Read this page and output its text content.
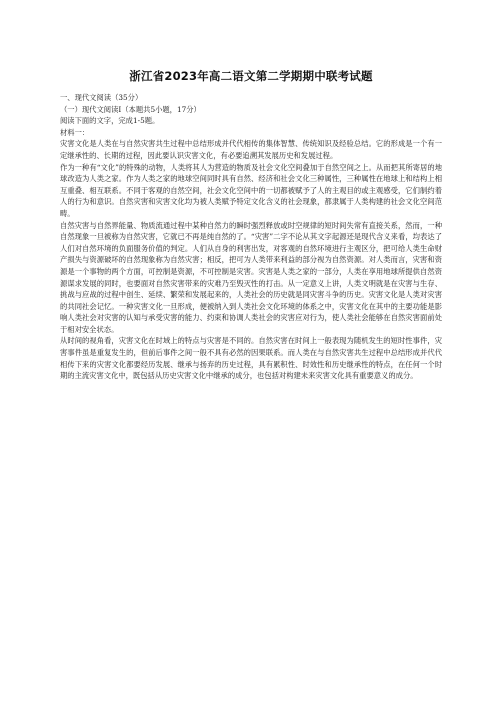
浙江省2023年高二语文第二学期期中联考试题

一、现代文阅读（35分）

（一）现代文阅读Ⅰ（本题共5小题，17分）

阅读下面的文字，完成1-5题。

材料一：

灾害文化是人类在与自然灾害共生过程中总结形成并代代相传的集体智慧、传统知识及经验总结。它的形成是一个有一定继承性的、长期的过程，因此要认识灾害文化，有必要追溯其发展历史和发展过程。

作为一种有“文化”的特殊的动物，人类将其人为营造的物质及社会文化空间叠加于自然空间之上。从而把其所寄居的地球改造为人类之家。作为人类之家的地球空间同时具有自然、经济和社会文化三种属性，三种属性在地球上和结构上相互重叠、相互联系。不同于客观的自然空间，社会文化空间中的一切都被赋予了人的主观目的或主观感受，它们制约着人的行为和意识。自然灾害和灾害文化均为被人类赋予特定文化含义的社会现象，都隶属于人类构建的社会文化空间范畴。

自然灾害与自然界能量、物质流通过程中某种自然力的瞬时强烈释放或时空规律的短时间失常有直接关系，然而，一种自然现象一旦被称为自然灾害，它就已不再是纯自然的了。“灾害”二字不论从其文字起源还是现代含义来看，均表达了人们对自然环境的负面服务价值的判定。人们从自身的利害出发，对客观的自然环境进行主观区分，把可给人类生命财产损失与资源破坏的自然现象称为自然灾害；相反，把可为人类带来利益的部分视为自然资源。对人类而言，灾害和资源是一个事物的两个方面，可控制是资源，不可控制是灾害。灾害是人类之家的一部分，人类在享用地球所提供自然资源谋求发展的同时，也要面对自然灾害带来的灾难乃至毁灭性的打击。从一定意义上讲，人类文明就是在灾害与生存、挑战与应战的过程中创生、延续、繁荣和发展起来的，人类社会的历史就是同灾害斗争的历史。灾害文化是人类对灾害的共同社会记忆。一种灾害文化一旦形成，便被纳入到人类社会文化环境的体系之中，灾害文化在其中的主要功能是影响人类社会对灾害的认知与承受灾害的能力、约束和协调人类社会的灾害应对行为，使人类社会能够在自然灾害面前处于相对安全状态。

从时间的视角看，灾害文化在时域上的特点与灾害是不同的。自然灾害在时间上一般表现为随机发生的短时性事件，灾害事件虽是重复发生的，但前后事件之间一般不具有必然的因果联系。而人类在与自然灾害共生过程中总结形成并代代相传下来的灾害文化都要经历发展、继承与扬弃的历史过程，具有累积性、时效性和历史继承性的特点，在任何一个时期的主流灾害文化中，既包括从历史灾害文化中继承的成分，也包括对构建未来灾害文化具有重要意义的成分。
